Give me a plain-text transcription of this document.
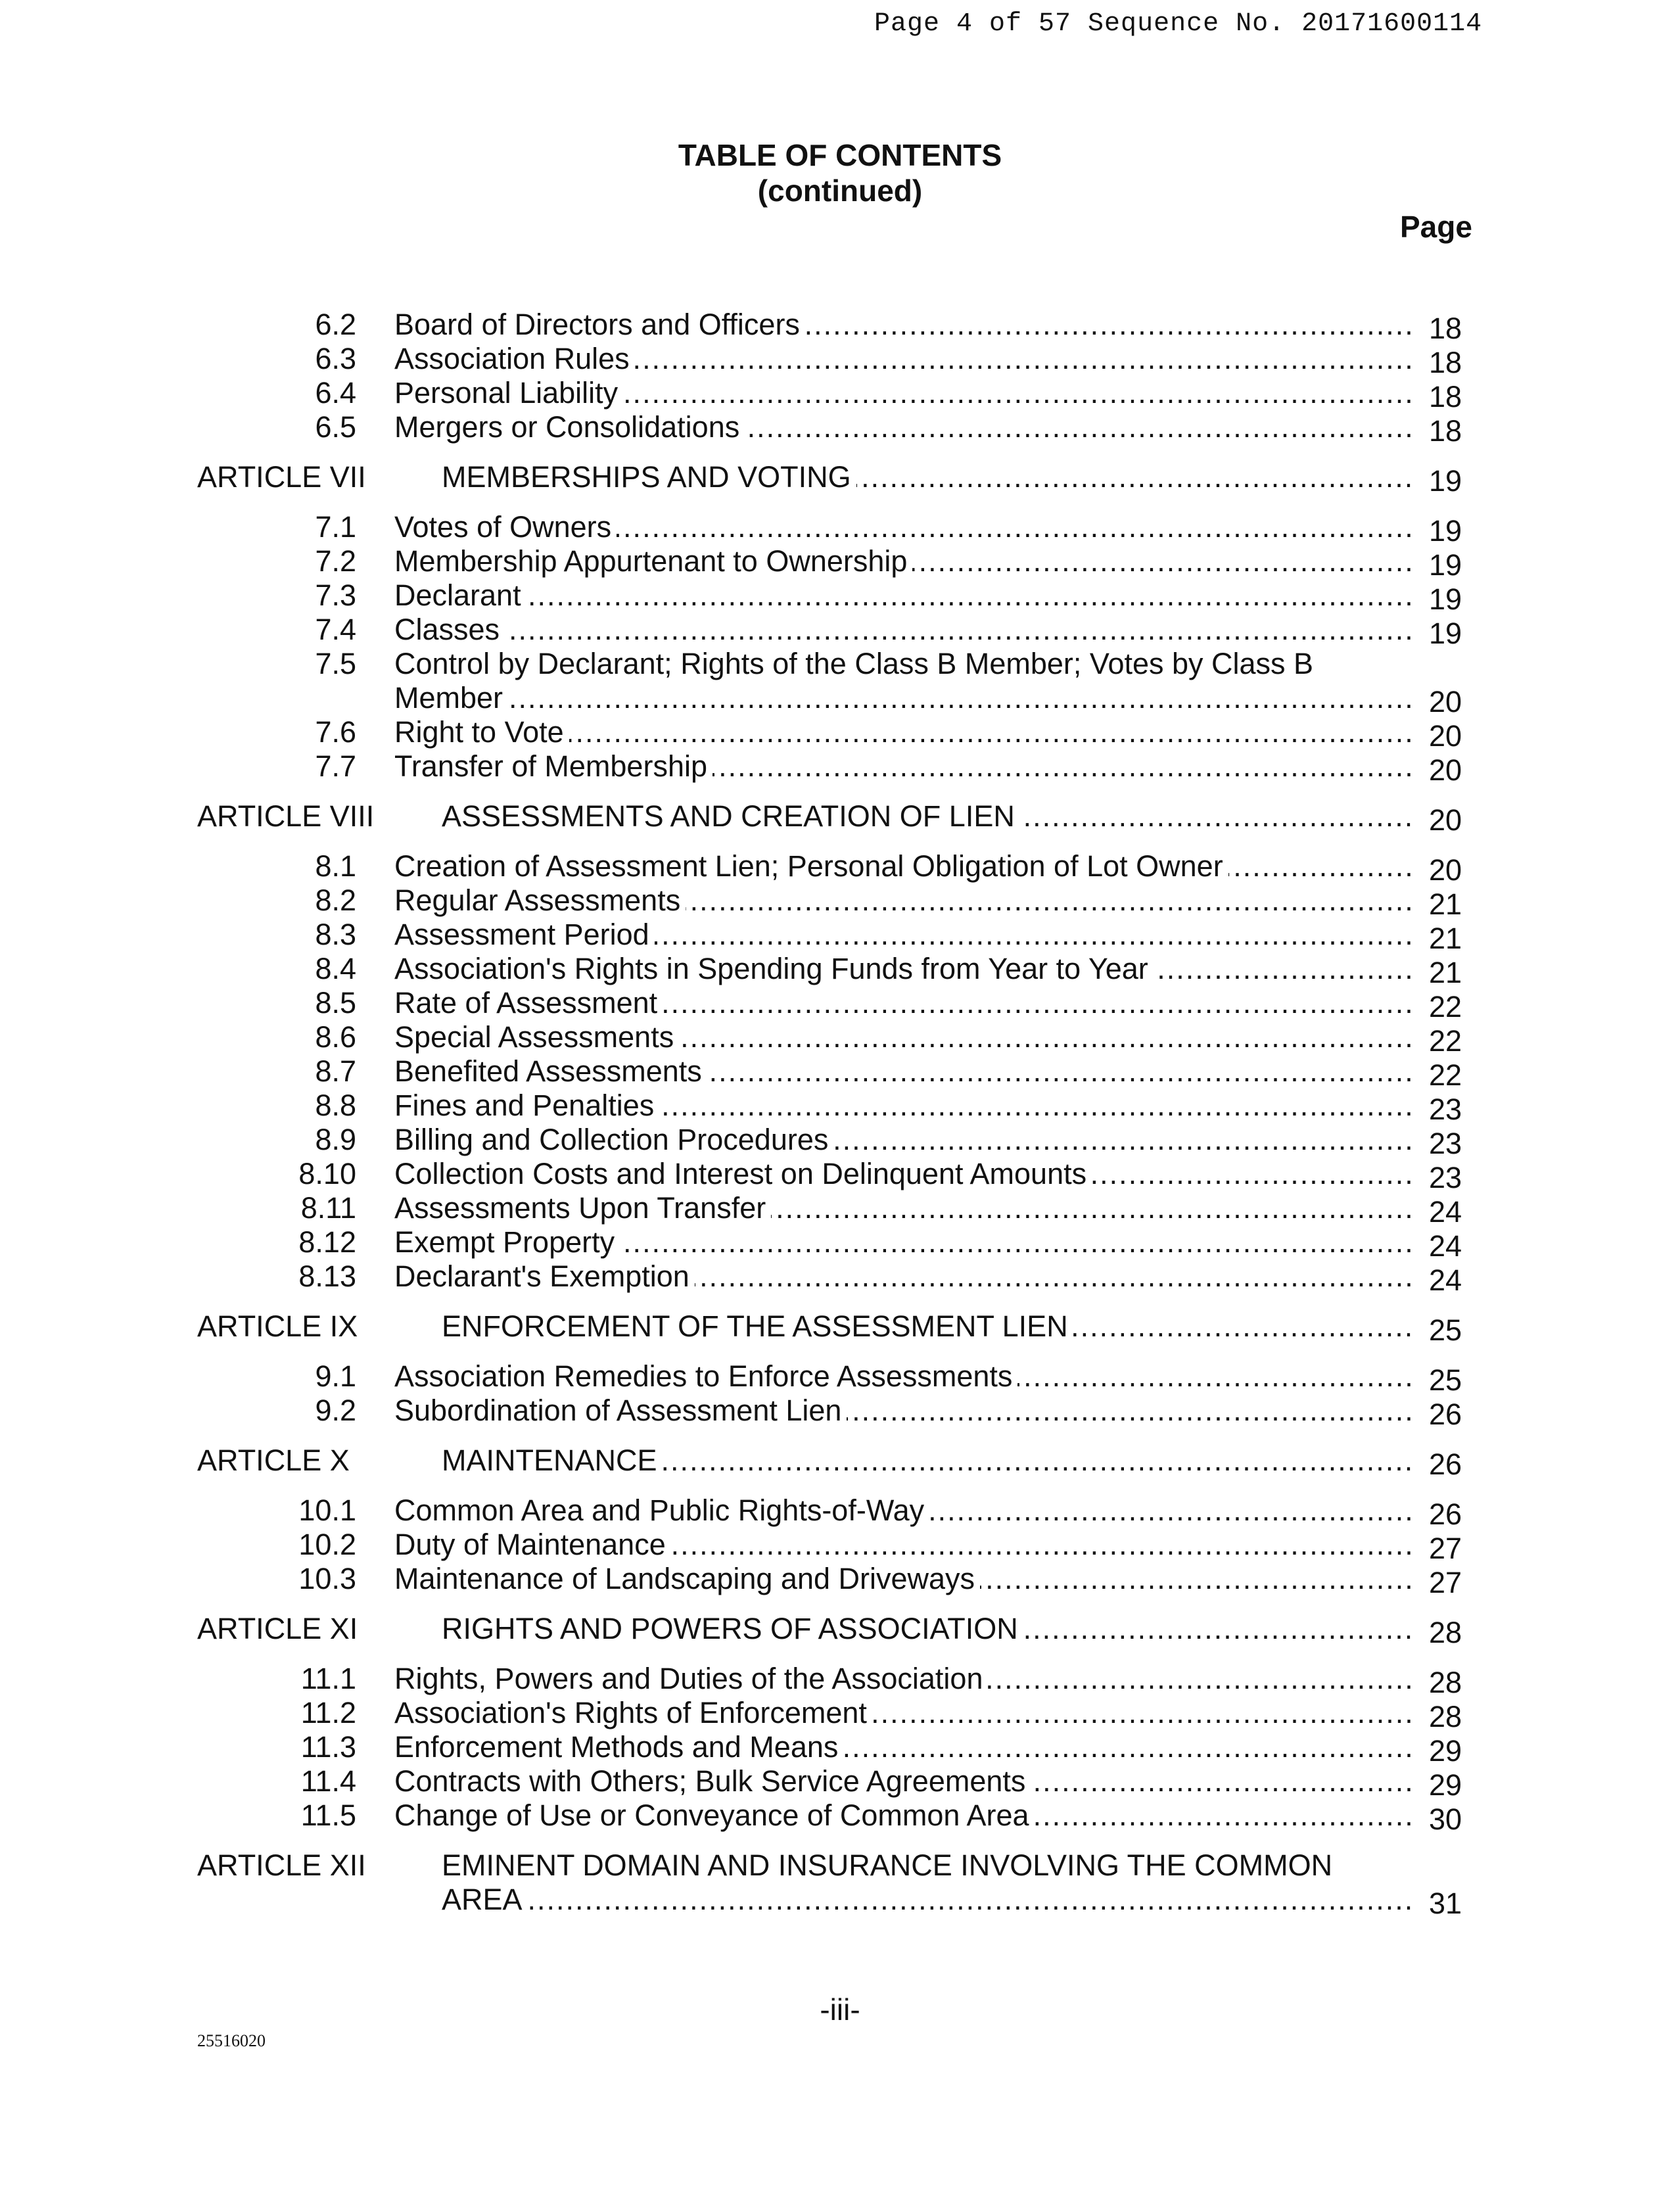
Page 4 of 57 Sequence No. 20171600114
TABLE OF CONTENTS
(continued)
Page
6.2 Board of Directors and Officers .....	18
6.3 Association Rules .....	18
6.4 Personal Liability .....	18
6.5 Mergers or Consolidations .....	18
ARTICLE VII	MEMBERSHIPS AND VOTING .....	19
7.1 Votes of Owners .....	19
7.2 Membership Appurtenant to Ownership .....	19
7.3 Declarant .....	19
7.4 Classes .....	19
7.5 Control by Declarant; Rights of the Class B Member; Votes by Class B
Member .....	20
7.6 Right to Vote .....	20
7.7 Transfer of Membership .....	20
ARTICLE VIII ASSESSMENTS AND CREATION OF LIEN .....	20
8.1 Creation of Assessment Lien; Personal Obligation of Lot Owner .....	20
8.2 Regular Assessments .....	21
8.3 Assessment Period .....	21
8.4 Association's Rights in Spending Funds from Year to Year .....	21
8.5 Rate of Assessment .....	22
8.6 Special Assessments .....	22
8.7 Benefited Assessments .....	22
8.8 Fines and Penalties .....	23
8.9 Billing and Collection Procedures .....	23
8.10 Collection Costs and Interest on Delinquent Amounts .....	23
8.11 Assessments Upon Transfer .....	24
8.12 Exempt Property .....	24
8.13 Declarant's Exemption .....	24
ARTICLE IX	ENFORCEMENT OF THE ASSESSMENT LIEN .....	25
9.1 Association Remedies to Enforce Assessments .....	25
9.2 Subordination of Assessment Lien .....	26
ARTICLE X	MAINTENANCE .....	26
10.1 Common Area and Public Rights-of-Way .....	26
10.2 Duty of Maintenance .....	27
10.3 Maintenance of Landscaping and Driveways .....	27
ARTICLE XI	RIGHTS AND POWERS OF ASSOCIATION .....	28
11.1 Rights, Powers and Duties of the Association .....	28
11.2 Association's Rights of Enforcement .....	28
11.3 Enforcement Methods and Means .....	29
11.4 Contracts with Others; Bulk Service Agreements .....	29
11.5 Change of Use or Conveyance of Common Area .....	30
ARTICLE XII	EMINENT DOMAIN AND INSURANCE INVOLVING THE COMMON
AREA .....	31
-iii-
25516020
